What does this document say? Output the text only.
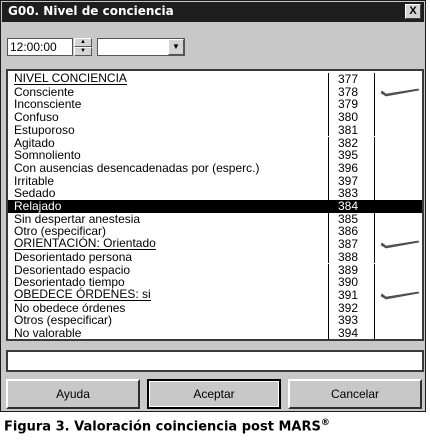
G00. Nivel de conciencia	X
12:00:00	▲
▼	▼
NIVEL CONCIENCIA	377
Consciente	378
Inconsciente	379
Confuso	380
Estuporoso	381
Agitado	382
Somnoliento	395
Con ausencias desencadenadas por (esperc.)	396
Irritable	397
Sedado	383
Relajado	384
Sin despertar anestesia	385
Otro (especificar)	386
ORIENTACIÓN: Orientado	387
Desorientado persona	388
Desorientado espacio	389
Desorientado tiempo	390
OBEDECE ÓRDENES: si	391
No obedece órdenes	392
Otros (especificar)	393
No valorable	394
Ayuda	Aceptar	Cancelar
Figura 3. Valoración coinciencia post MARS®
